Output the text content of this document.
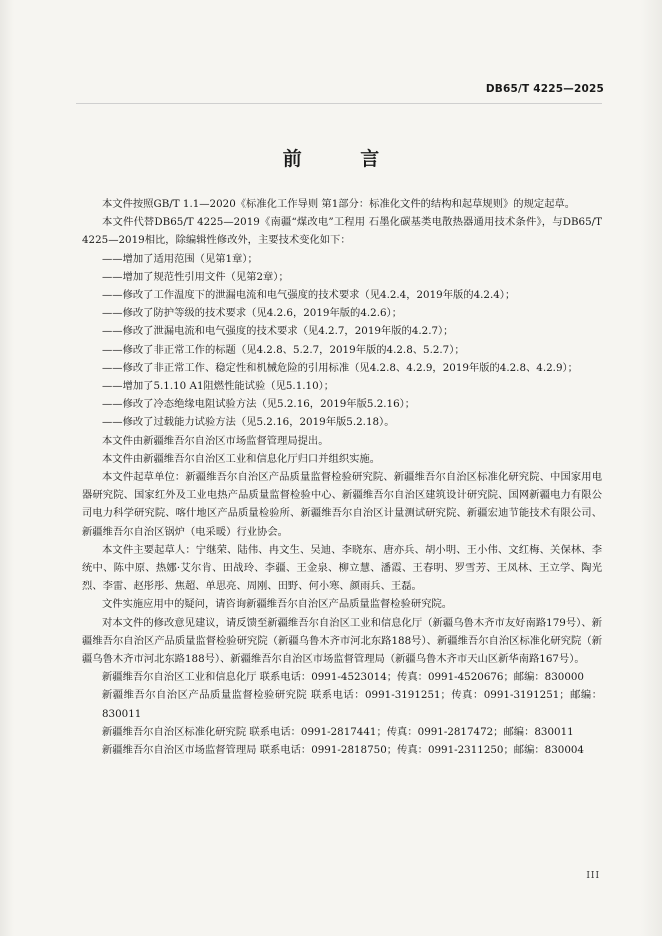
DB65/T 4225—2025
前 言

本文件按照GB/T 1.1—2020《标准化工作导则 第1部分：标准化文件的结构和起草规则》的规定起草。

本文件代替DB65/T 4225—2019《南疆“煤改电”工程用 石墨化碳基类电散热器通用技术条件》，与DB65/T 4225—2019相比，除编辑性修改外，主要技术变化如下：

——增加了适用范围（见第1章）；

——增加了规范性引用文件（见第2章）；

——修改了工作温度下的泄漏电流和电气强度的技术要求（见4.2.4，2019年版的4.2.4）；

——修改了防护等级的技术要求（见4.2.6，2019年版的4.2.6）；

——修改了泄漏电流和电气强度的技术要求（见4.2.7，2019年版的4.2.7）；

——修改了非正常工作的标题（见4.2.8、5.2.7，2019年版的4.2.8、5.2.7）；

——修改了非正常工作、稳定性和机械危险的引用标准（见4.2.8、4.2.9，2019年版的4.2.8、4.2.9）；

——增加了5.1.10 A1阻燃性能试验（见5.1.10）；

——修改了冷态绝缘电阻试验方法（见5.2.16，2019年版5.2.16）；

——修改了过载能力试验方法（见5.2.16，2019年版5.2.18）。

本文件由新疆维吾尔自治区市场监督管理局提出。

本文件由新疆维吾尔自治区工业和信息化厅归口并组织实施。

本文件起草单位：新疆维吾尔自治区产品质量监督检验研究院、新疆维吾尔自治区标准化研究院、中国家用电器研究院、国家红外及工业电热产品质量监督检验中心、新疆维吾尔自治区建筑设计研究院、国网新疆电力有限公司电力科学研究院、喀什地区产品质量检验所、新疆维吾尔自治区计量测试研究院、新疆宏迪节能技术有限公司、新疆维吾尔自治区锅炉（电采暖）行业协会。

本文件主要起草人：宁继荣、陆伟、冉文生、吴迪、李晓东、唐亦兵、胡小明、王小伟、文红梅、关保林、李统中、陈中原、热娜·艾尔肯、田战玲、李疆、王金泉、柳立慧、潘霞、王春明、罗雪芳、王凤林、王立学、陶光烈、李雷、赵彤彤、焦超、单思亮、周刚、田野、何小寒、颜雨兵、王磊。

文件实施应用中的疑问，请咨询新疆维吾尔自治区产品质量监督检验研究院。

对本文件的修改意见建议，请反馈至新疆维吾尔自治区工业和信息化厅（新疆乌鲁木齐市友好南路179号）、新疆维吾尔自治区产品质量监督检验研究院（新疆乌鲁木齐市河北东路188号）、新疆维吾尔自治区标准化研究院（新疆乌鲁木齐市河北东路188号）、新疆维吾尔自治区市场监督管理局（新疆乌鲁木齐市天山区新华南路167号）。

新疆维吾尔自治区工业和信息化厅 联系电话：0991-4523014；传真：0991-4520676；邮编：830000

新疆维吾尔自治区产品质量监督检验研究院 联系电话：0991-3191251；传真：0991-3191251；邮编：830011

新疆维吾尔自治区标准化研究院 联系电话：0991-2817441；传真：0991-2817472；邮编：830011

新疆维吾尔自治区市场监督管理局 联系电话：0991-2818750；传真：0991-2311250；邮编：830004

III
